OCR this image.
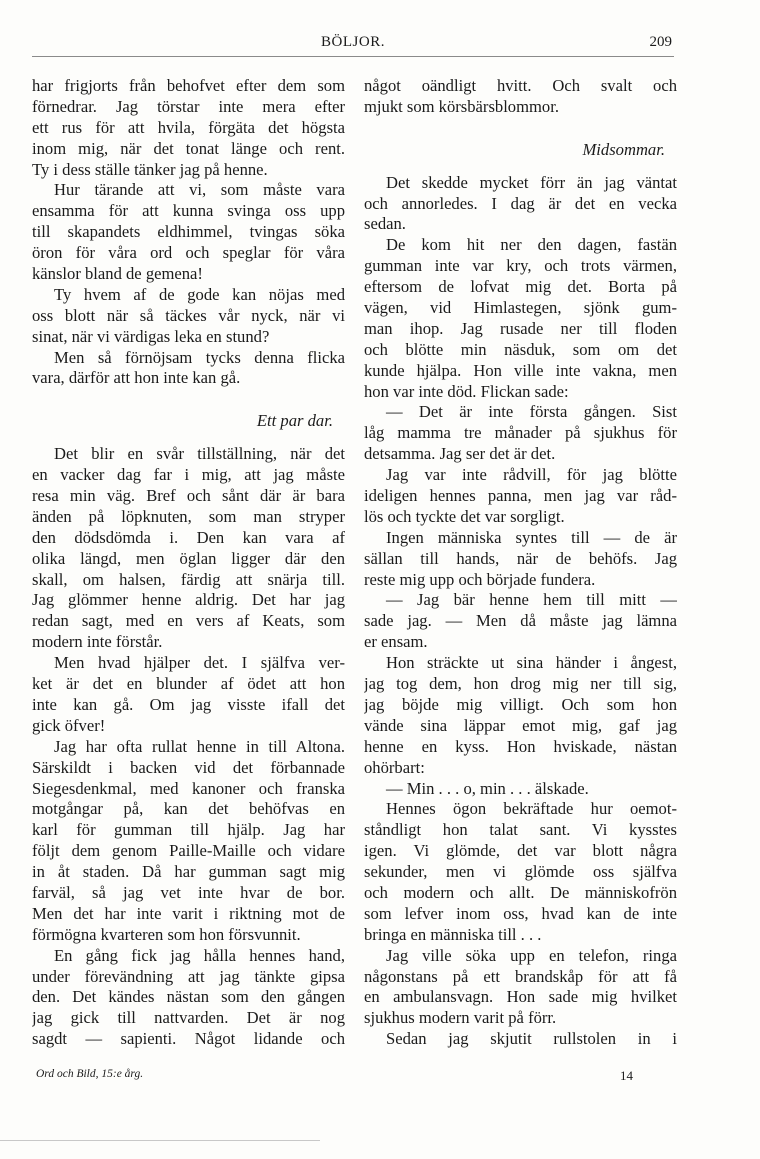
BÖLJOR.	209
har frigjorts från behofvet efter dem som
förnedrar. Jag törstar inte mera efter
ett rus för att hvila, förgäta det högsta
inom mig, när det tonat länge och rent.
Ty i dess ställe tänker jag på henne.
Hur tärande att vi, som måste vara
ensamma för att kunna svinga oss upp
till skapandets eldhimmel, tvingas söka
öron för våra ord och speglar för våra
känslor bland de gemena!
Ty hvem af de gode kan nöjas med
oss blott när så täckes vår nyck, när vi
sinat, när vi värdigas leka en stund?
Men så förnöjsam tycks denna flicka
vara, därför att hon inte kan gå.
Ett par dar.
Det blir en svår tillställning, när det
en vacker dag far i mig, att jag måste
resa min väg. Bref och sånt där är bara
änden på löpknuten, som man stryper
den dödsdömda i. Den kan vara af
olika längd, men öglan ligger där den
skall, om halsen, färdig att snärja till.
Jag glömmer henne aldrig. Det har jag
redan sagt, med en vers af Keats, som
modern inte förstår.
Men hvad hjälper det. I själfva ver-
ket är det en blunder af ödet att hon
inte kan gå. Om jag visste ifall det
gick öfver!
Jag har ofta rullat henne in till Altona.
Särskildt i backen vid det förbannade
Siegesdenkmal, med kanoner och franska
motgångar på, kan det behöfvas en
karl för gumman till hjälp. Jag har
följt dem genom Paille-Maille och vidare
in åt staden. Då har gumman sagt mig
farväl, så jag vet inte hvar de bor.
Men det har inte varit i riktning mot de
förmögna kvarteren som hon försvunnit.
En gång fick jag hålla hennes hand,
under förevändning att jag tänkte gipsa
den. Det kändes nästan som den gången
jag gick till nattvarden. Det är nog
sagdt — sapienti. Något lidande och
något oändligt hvitt. Och svalt och
mjukt som körsbärsblommor.
Midsommar.
Det skedde mycket förr än jag väntat
och annorledes. I dag är det en vecka
sedan.
De kom hit ner den dagen, fastän
gumman inte var kry, och trots värmen,
eftersom de lofvat mig det. Borta på
vägen, vid Himlastegen, sjönk gum-
man ihop. Jag rusade ner till floden
och blötte min näsduk, som om det
kunde hjälpa. Hon ville inte vakna, men
hon var inte död. Flickan sade:
— Det är inte första gången. Sist
låg mamma tre månader på sjukhus för
detsamma. Jag ser det är det.
Jag var inte rådvill, för jag blötte
ideligen hennes panna, men jag var råd-
lös och tyckte det var sorgligt.
Ingen människa syntes till — de är
sällan till hands, när de behöfs. Jag
reste mig upp och började fundera.
— Jag bär henne hem till mitt —
sade jag. — Men då måste jag lämna
er ensam.
Hon sträckte ut sina händer i ångest,
jag tog dem, hon drog mig ner till sig,
jag böjde mig villigt. Och som hon
vände sina läppar emot mig, gaf jag
henne en kyss. Hon hviskade, nästan
ohörbart:
— Min . . . o, min . . . älskade.
Hennes ögon bekräftade hur oemot-
ståndligt hon talat sant. Vi kysstes
igen. Vi glömde, det var blott några
sekunder, men vi glömde oss själfva
och modern och allt. De människofrön
som lefver inom oss, hvad kan de inte
bringa en människa till . . .
Jag ville söka upp en telefon, ringa
någonstans på ett brandskåp för att få
en ambulansvagn. Hon sade mig hvilket
sjukhus modern varit på förr.
Sedan jag skjutit rullstolen in i
Ord och Bild, 15:e årg.	14
